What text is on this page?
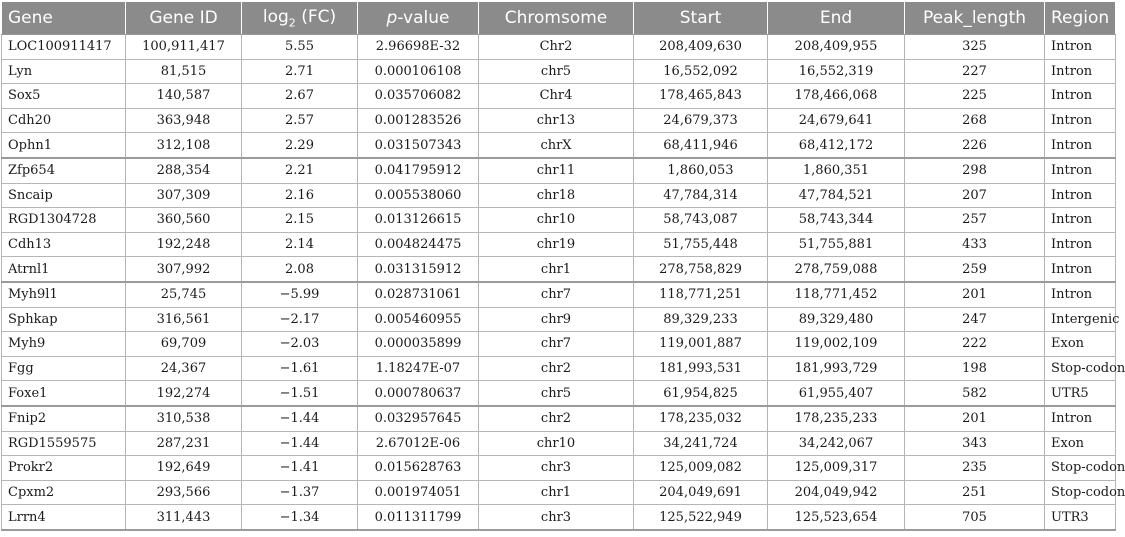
Gene	Gene ID	$\log_2 (FC)$	p-value	Chromsome	Start	End	Peak_length	Region
LOC100911417	100,911,417	5.55	2.96698E-32	Chr2	208,409,630	208,409,955	325	Intron
Lyn	81,515	2.71	0.000106108	chr5	16,552,092	16,552,319	227	Intron
Sox5	140,587	2.67	0.035706082	Chr4	178,465,843	178,466,068	225	Intron
Cdh20	363,948	2.57	0.001283526	chr13	24,679,373	24,679,641	268	Intron
Ophn1	312,108	2.29	0.031507343	chrX	68,411,946	68,412,172	226	Intron
Zfp654	288,354	2.21	0.041795912	chr11	1,860,053	1,860,351	298	Intron
Sncaip	307,309	2.16	0.005538060	chr18	47,784,314	47,784,521	207	Intron
RGD1304728	360,560	2.15	0.013126615	chr10	58,743,087	58,743,344	257	Intron
Cdh13	192,248	2.14	0.004824475	chr19	51,755,448	51,755,881	433	Intron
Atrnl1	307,992	2.08	0.031315912	chr1	278,758,829	278,759,088	259	Intron
Myh9l1	25,745	−5.99	0.028731061	chr7	118,771,251	118,771,452	201	Intron
Sphkap	316,561	−2.17	0.005460955	chr9	89,329,233	89,329,480	247	Intergenic
Myh9	69,709	−2.03	0.000035899	chr7	119,001,887	119,002,109	222	Exon
Fgg	24,367	−1.61	1.18247E-07	chr2	181,993,531	181,993,729	198	Stop-codon
Foxe1	192,274	−1.51	0.000780637	chr5	61,954,825	61,955,407	582	UTR5
Fnip2	310,538	−1.44	0.032957645	chr2	178,235,032	178,235,233	201	Intron
RGD1559575	287,231	−1.44	2.67012E-06	chr10	34,241,724	34,242,067	343	Exon
Prokr2	192,649	−1.41	0.015628763	chr3	125,009,082	125,009,317	235	Stop-codon
Cpxm2	293,566	−1.37	0.001974051	chr1	204,049,691	204,049,942	251	Stop-codon
Lrrn4	311,443	−1.34	0.011311799	chr3	125,522,949	125,523,654	705	UTR3
